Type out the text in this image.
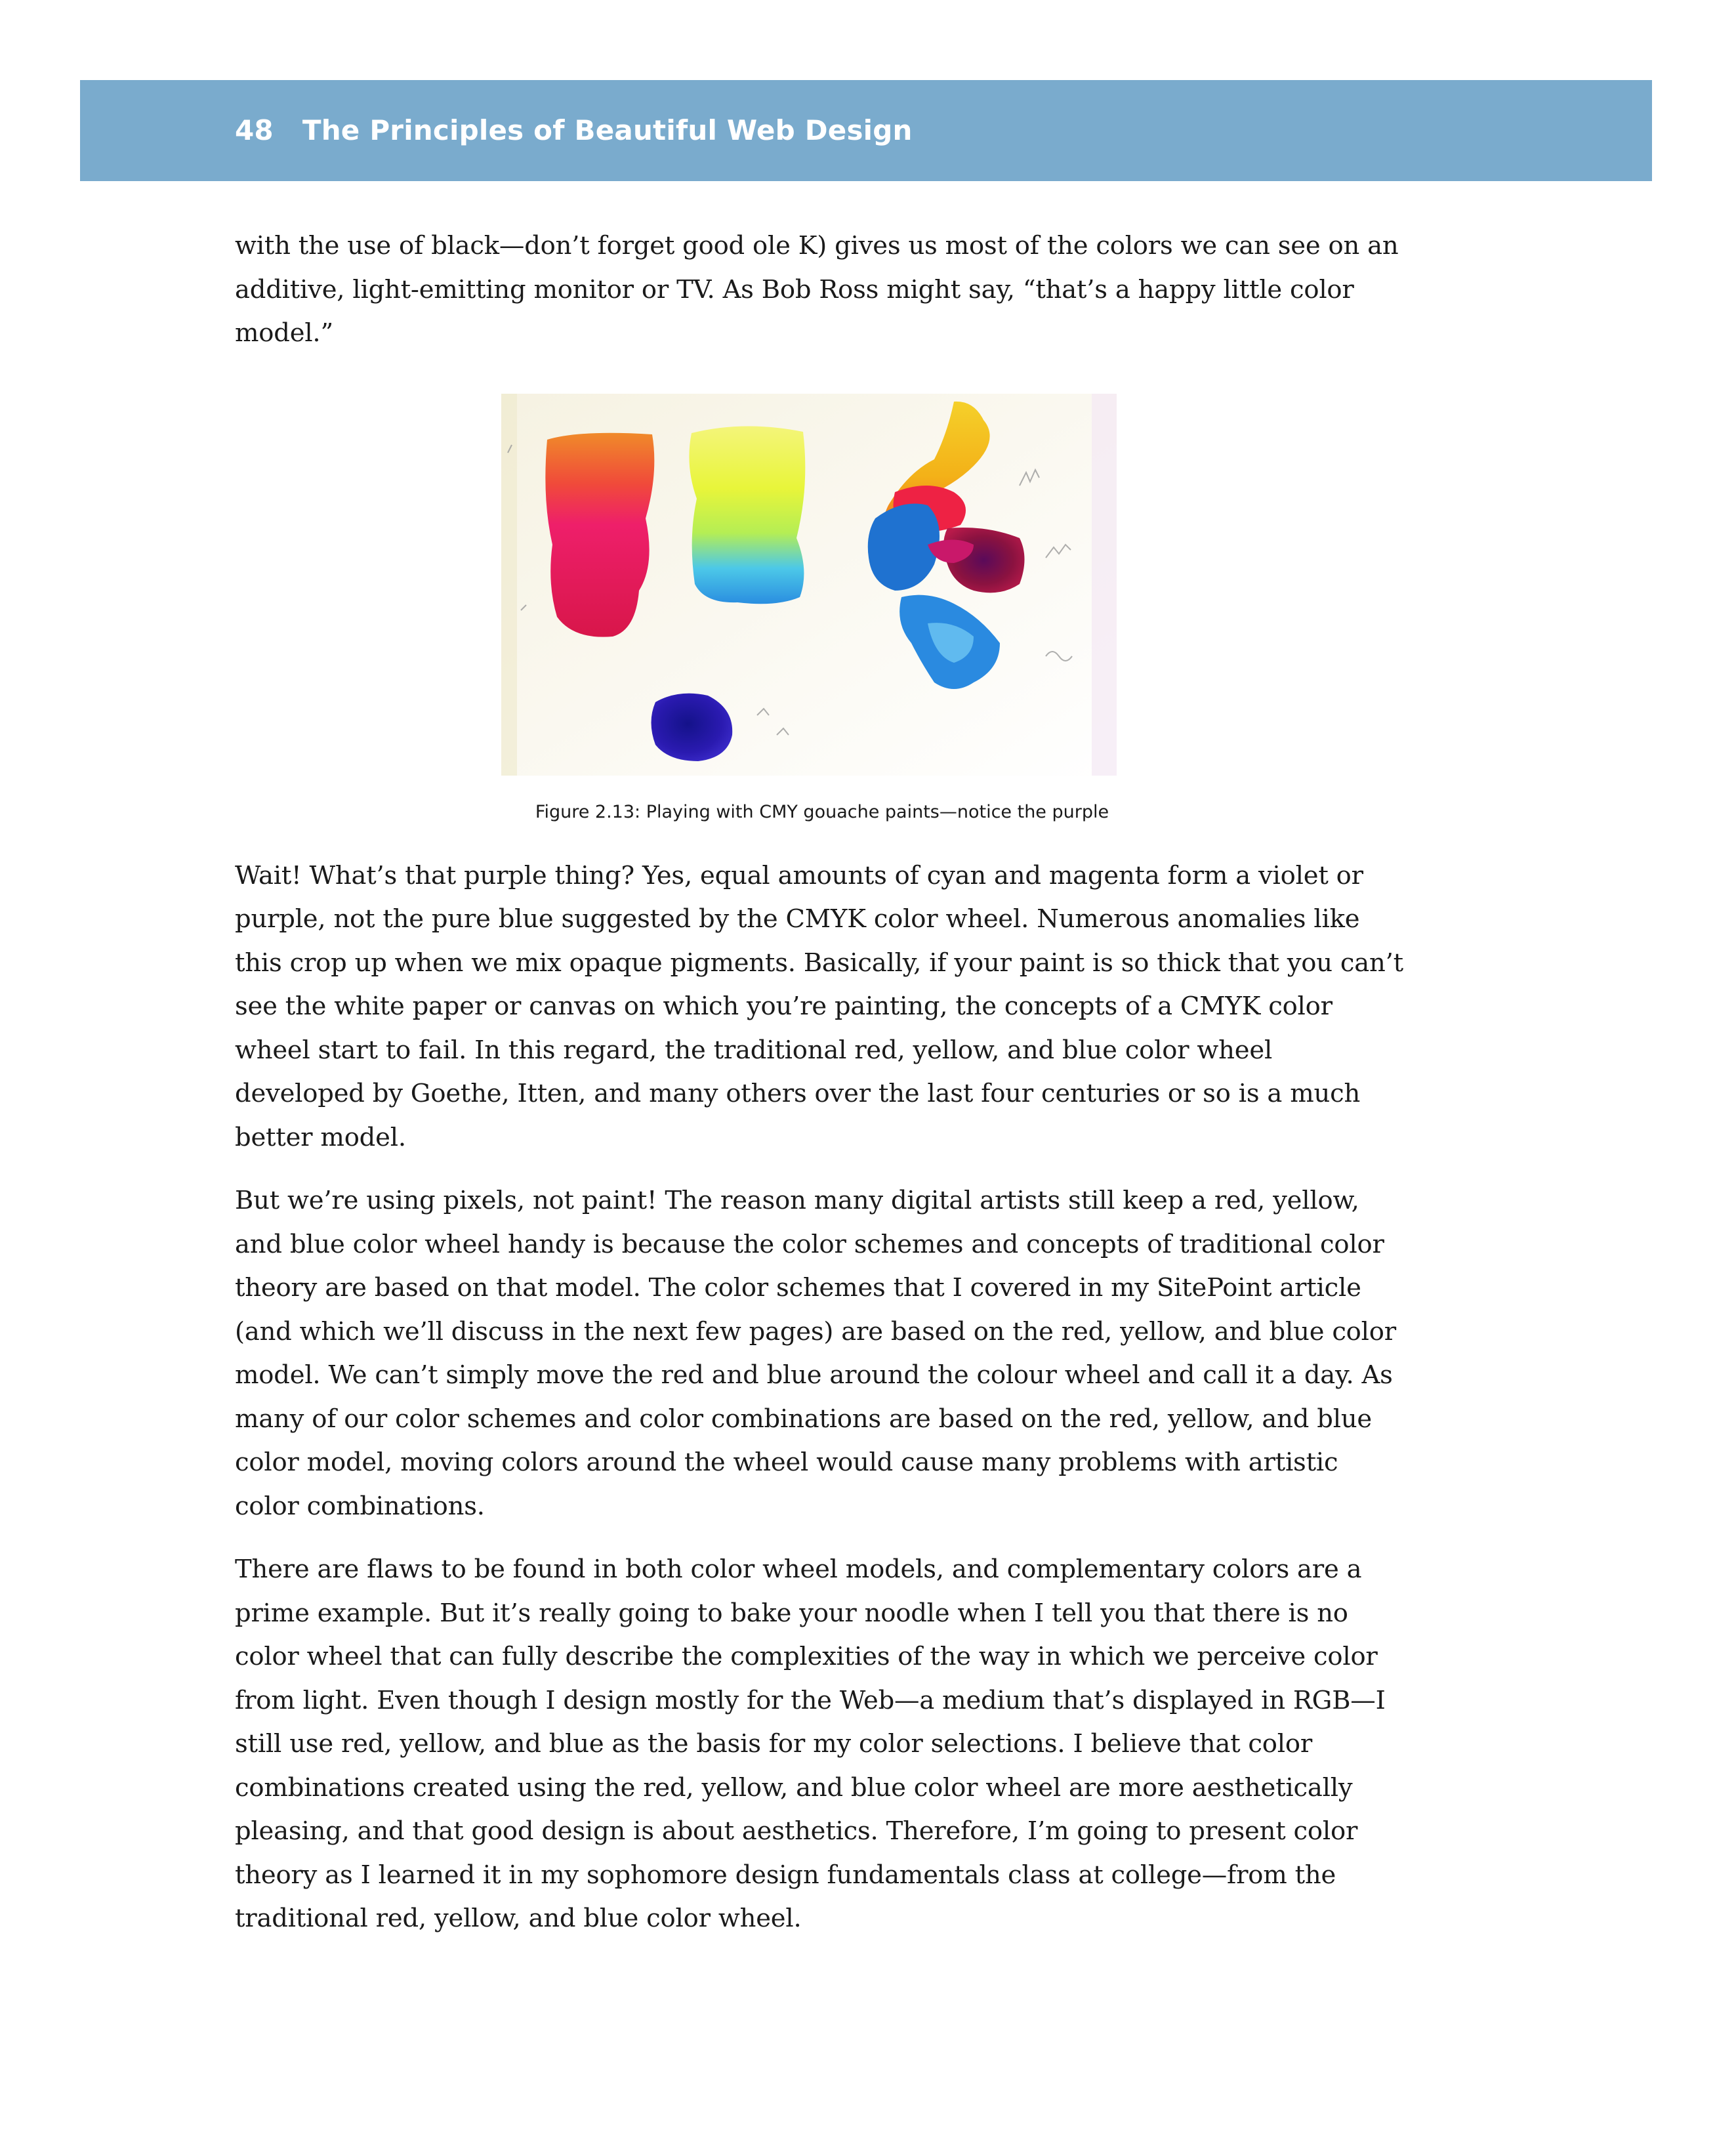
48 The Principles of Beautiful Web Design

with the use of black—don’t forget good ole K) gives us most of the colors we can see on an additive, light-emitting monitor or TV. As Bob Ross might say, “that’s a happy little color model.”

Figure 2.13: Playing with CMY gouache paints—notice the purple

Wait! What’s that purple thing? Yes, equal amounts of cyan and magenta form a violet or purple, not the pure blue suggested by the CMYK color wheel. Numerous anomalies like this crop up when we mix opaque pigments. Basically, if your paint is so thick that you can’t see the white paper or canvas on which you’re painting, the concepts of a CMYK color wheel start to fail. In this regard, the traditional red, yellow, and blue color wheel developed by Goethe, Itten, and many others over the last four centuries or so is a much better model.

But we’re using pixels, not paint! The reason many digital artists still keep a red, yellow, and blue color wheel handy is because the color schemes and concepts of traditional color theory are based on that model. The color schemes that I covered in my SitePoint article (and which we’ll discuss in the next few pages) are based on the red, yellow, and blue color model. We can’t simply move the red and blue around the colour wheel and call it a day. As many of our color schemes and color combinations are based on the red, yellow, and blue color model, moving colors around the wheel would cause many problems with artistic color combinations.

There are flaws to be found in both color wheel models, and complementary colors are a prime example. But it’s really going to bake your noodle when I tell you that there is no color wheel that can fully describe the complexities of the way in which we perceive color from light. Even though I design mostly for the Web—a medium that’s displayed in RGB—I still use red, yellow, and blue as the basis for my color selections. I believe that color combinations created using the red, yellow, and blue color wheel are more aesthetically pleasing, and that good design is about aesthetics. Therefore, I’m going to present color theory as I learned it in my sophomore design fundamentals class at college—from the traditional red, yellow, and blue color wheel.
